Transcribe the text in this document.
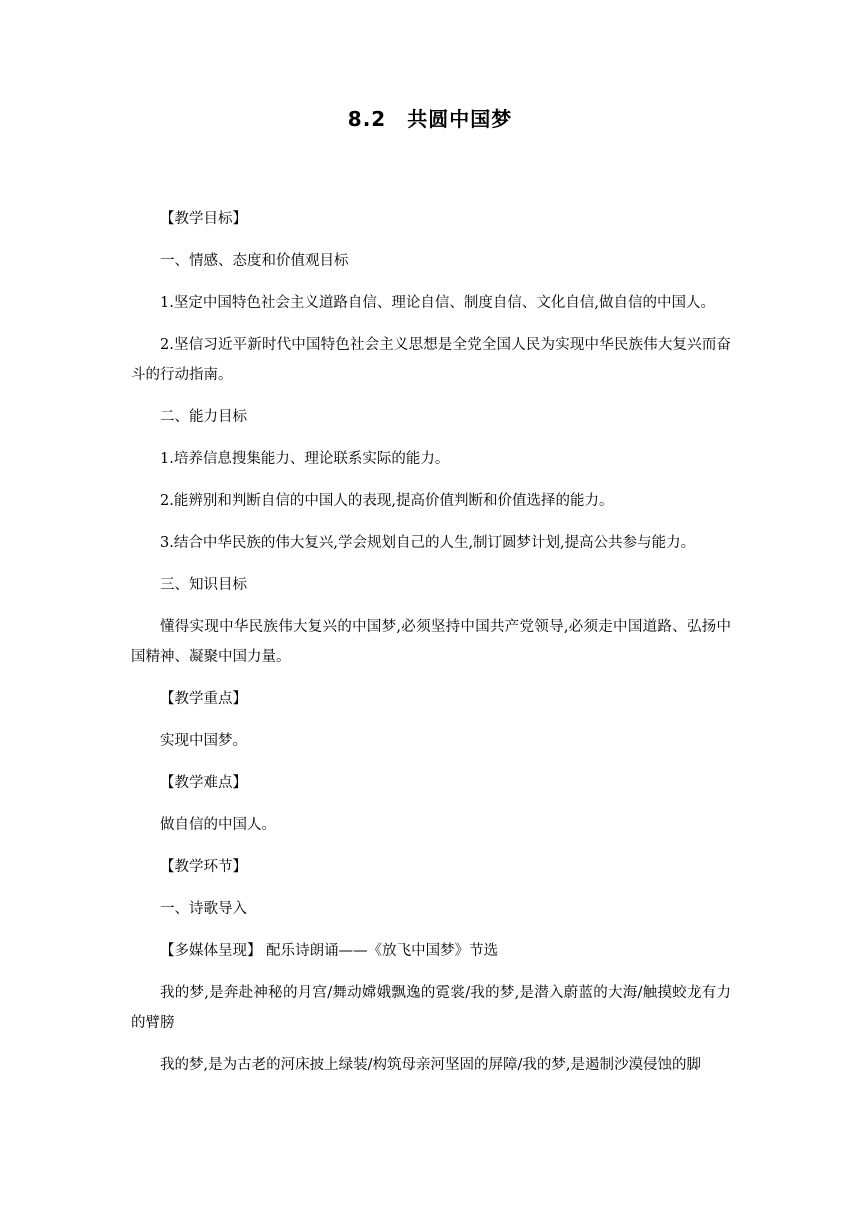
8.2　共圆中国梦

【教学目标】

一、情感、态度和价值观目标

1.坚定中国特色社会主义道路自信、理论自信、制度自信、文化自信,做自信的中国人。

2.坚信习近平新时代中国特色社会主义思想是全党全国人民为实现中华民族伟大复兴而奋斗的行动指南。

二、能力目标

1.培养信息搜集能力、理论联系实际的能力。

2.能辨别和判断自信的中国人的表现,提高价值判断和价值选择的能力。

3.结合中华民族的伟大复兴,学会规划自己的人生,制订圆梦计划,提高公共参与能力。

三、知识目标

懂得实现中华民族伟大复兴的中国梦,必须坚持中国共产党领导,必须走中国道路、弘扬中国精神、凝聚中国力量。

【教学重点】

实现中国梦。

【教学难点】

做自信的中国人。

【教学环节】

一、诗歌导入

【多媒体呈现】 配乐诗朗诵——《放飞中国梦》节选

我的梦,是奔赴神秘的月宫/舞动嫦娥飘逸的霓裳/我的梦,是潜入蔚蓝的大海/触摸蛟龙有力的臂膀

我的梦,是为古老的河床披上绿装/构筑母亲河坚固的屏障/我的梦,是遏制沙漠侵蚀的脚
